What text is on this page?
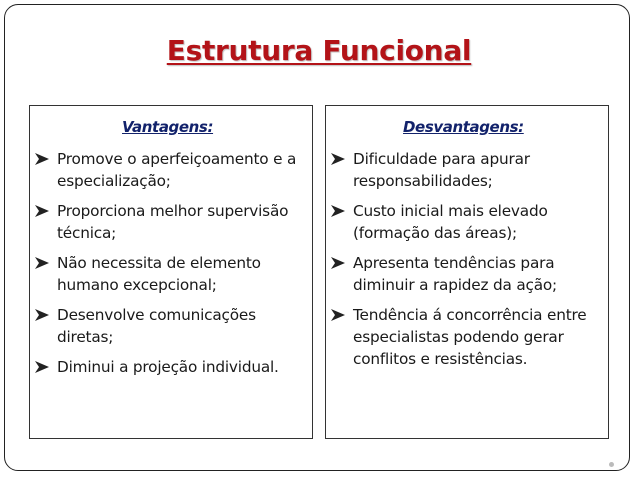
Estrutura Funcional
Vantagens:
Promove o aperfeiçoamento e a especialização;
Proporciona melhor supervisão técnica;
Não necessita de elemento humano excepcional;
Desenvolve comunicações diretas;
Diminui a projeção individual.
Desvantagens:
Dificuldade para apurar responsabilidades;
Custo inicial mais elevado (formação das áreas);
Apresenta tendências para diminuir a rapidez da ação;
Tendência á concorrência entre especialistas podendo gerar conflitos e resistências.
